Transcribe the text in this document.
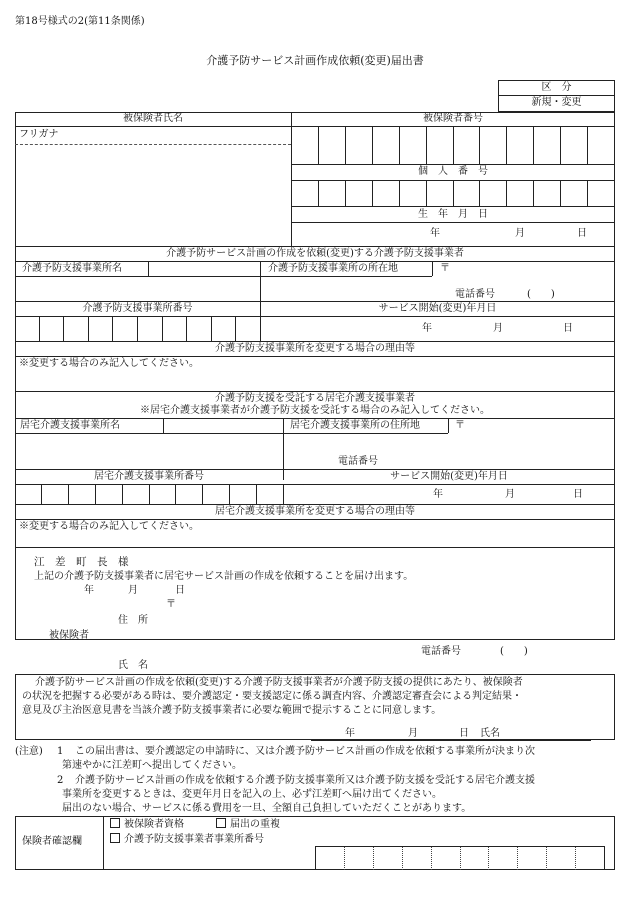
第18号様式の2(第11条関係)
介護予防サービス計画作成依頼(変更)届出書
区　分
新規・変更
被保険者氏名	被保険者番号
フリガナ
個　人　番　号
生　年　月　日
年	月	日
介護予防サービス計画の作成を依頼(変更)する介護予防支援事業者
介護予防支援事業所名	介護予防支援事業所の所在地	〒
電話番号	(　　)
介護予防支援事業所番号	サービス開始(変更)年月日
年	月	日
介護予防支援事業所を変更する場合の理由等
※変更する場合のみ記入してください。
介護予防支援を受託する居宅介護支援事業者
※居宅介護支援事業者が介護予防支援を受託する場合のみ記入してください。
居宅介護支援事業所名	居宅介護支援事業所の住所地	〒
電話番号
居宅介護支援事業所番号	サービス開始(変更)年月日
年	月	日
居宅介護支援事業所を変更する場合の理由等
※変更する場合のみ記入してください。
江　差　町　長　様
上記の介護予防支援事業者に居宅サービス計画の作成を依頼することを届け出ます。
年	月	日
〒
住　所
被保険者
電話番号	(　　)
氏　名
介護予防サービス計画の作成を依頼(変更)する介護予防支援事業者が介護予防支援の提供にあたり、被保険者
の状況を把握する必要がある時は、要介護認定・要支援認定に係る調査内容、介護認定審査会による判定結果・
意見及び主治医意見書を当該介護予防支援事業者に必要な範囲で提示することに同意します。
年	月	日 氏名
(注意) 1 この届出書は、要介護認定の申請時に、又は介護予防サービス計画の作成を依頼する事業所が決まり次
第速やかに江差町へ提出してください。
2 介護予防サービス計画の作成を依頼する介護予防支援事業所又は介護予防支援を受託する居宅介護支援
事業所を変更するときは、変更年月日を記入の上、必ず江差町へ届け出てください。
届出のない場合、サービスに係る費用を一旦、全額自己負担していただくことがあります。
保険者確認欄
被保険者資格	届出の重複
介護予防支援事業者事業所番号
